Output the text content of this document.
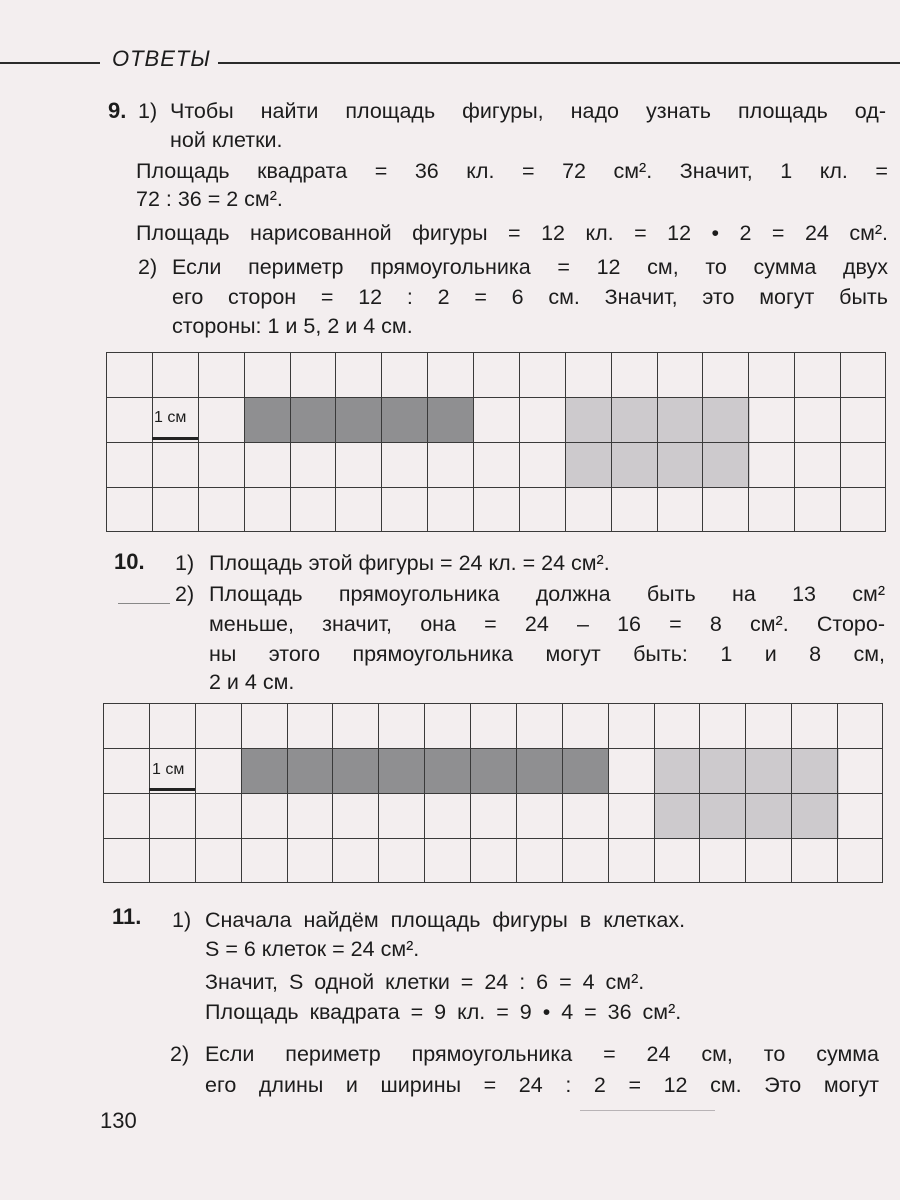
ОТВЕТЫ
9. 1) Чтобы найти площадь фигуры, надо узнать площадь од-
ной клетки.
Площадь квадрата = 36 кл. = 72 см². Значит, 1 кл. =
72 : 36 = 2 см².
Площадь нарисованной фигуры = 12 кл. = 12 • 2 = 24 см².
2) Если периметр прямоугольника = 12 см, то сумма двух
его сторон = 12 : 2 = 6 см. Значит, это могут быть
стороны: 1 и 5, 2 и 4 см.
1 см
10. 1) Площадь этой фигуры = 24 кл. = 24 см².
2) Площадь прямоугольника должна быть на 13 см²
меньше, значит, она = 24 – 16 = 8 см². Сторо-
ны этого прямоугольника могут быть: 1 и 8 см,
2 и 4 см.
1 см
11. 1) Сначала найдём площадь фигуры в клетках.
S = 6 клеток = 24 см².
Значит, S одной клетки = 24 : 6 = 4 см².
Площадь квадрата = 9 кл. = 9 • 4 = 36 см².
2) Если периметр прямоугольника = 24 см, то сумма
его длины и ширины = 24 : 2 = 12 см. Это могут
130
